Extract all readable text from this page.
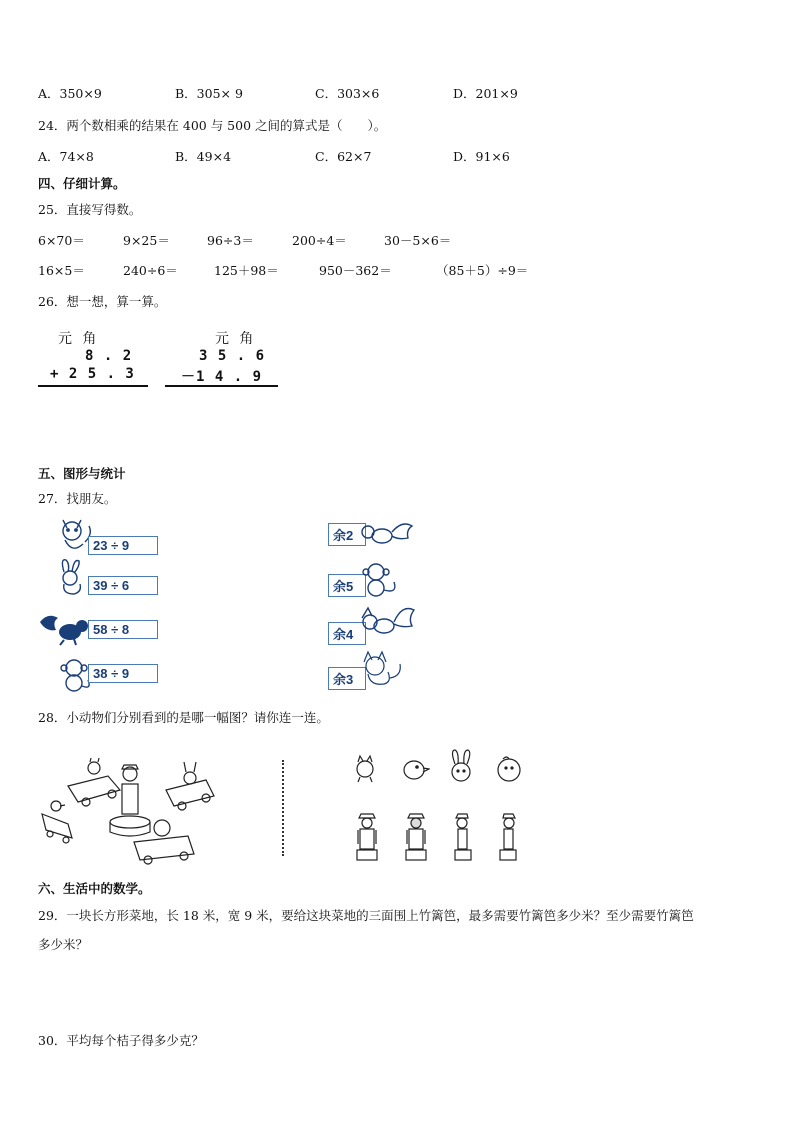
A．350×9	B．305× 9	C．303×6	D．201×9
24．两个数相乘的结果在 400 与 500 之间的算式是（　　）。
A．74×8	B．49×4	C．62×7	D．91×6
四、仔细计算。
25．直接写得数。
6×70＝	9×25＝	96÷3＝	200÷4＝	30－5×6＝
16×5＝	240÷6＝	125＋98＝	950－362＝	（85＋5）÷9＝
26．想一想，算一算。
元 角
8 . 2
+ 2 5 . 3
元 角
3 5 . 6
－1 4 . 9
五、图形与统计
27．找朋友。
23 ÷ 9
39 ÷ 6
58 ÷ 8
38 ÷ 9
余2
余5
余4
余3
28．小动物们分别看到的是哪一幅图？请你连一连。
六、生活中的数学。
29．一块长方形菜地，长 18 米，宽 9 米，要给这块菜地的三面围上竹篱笆，最多需要竹篱笆多少米？至少需要竹篱笆
多少米？
30．平均每个桔子得多少克？
